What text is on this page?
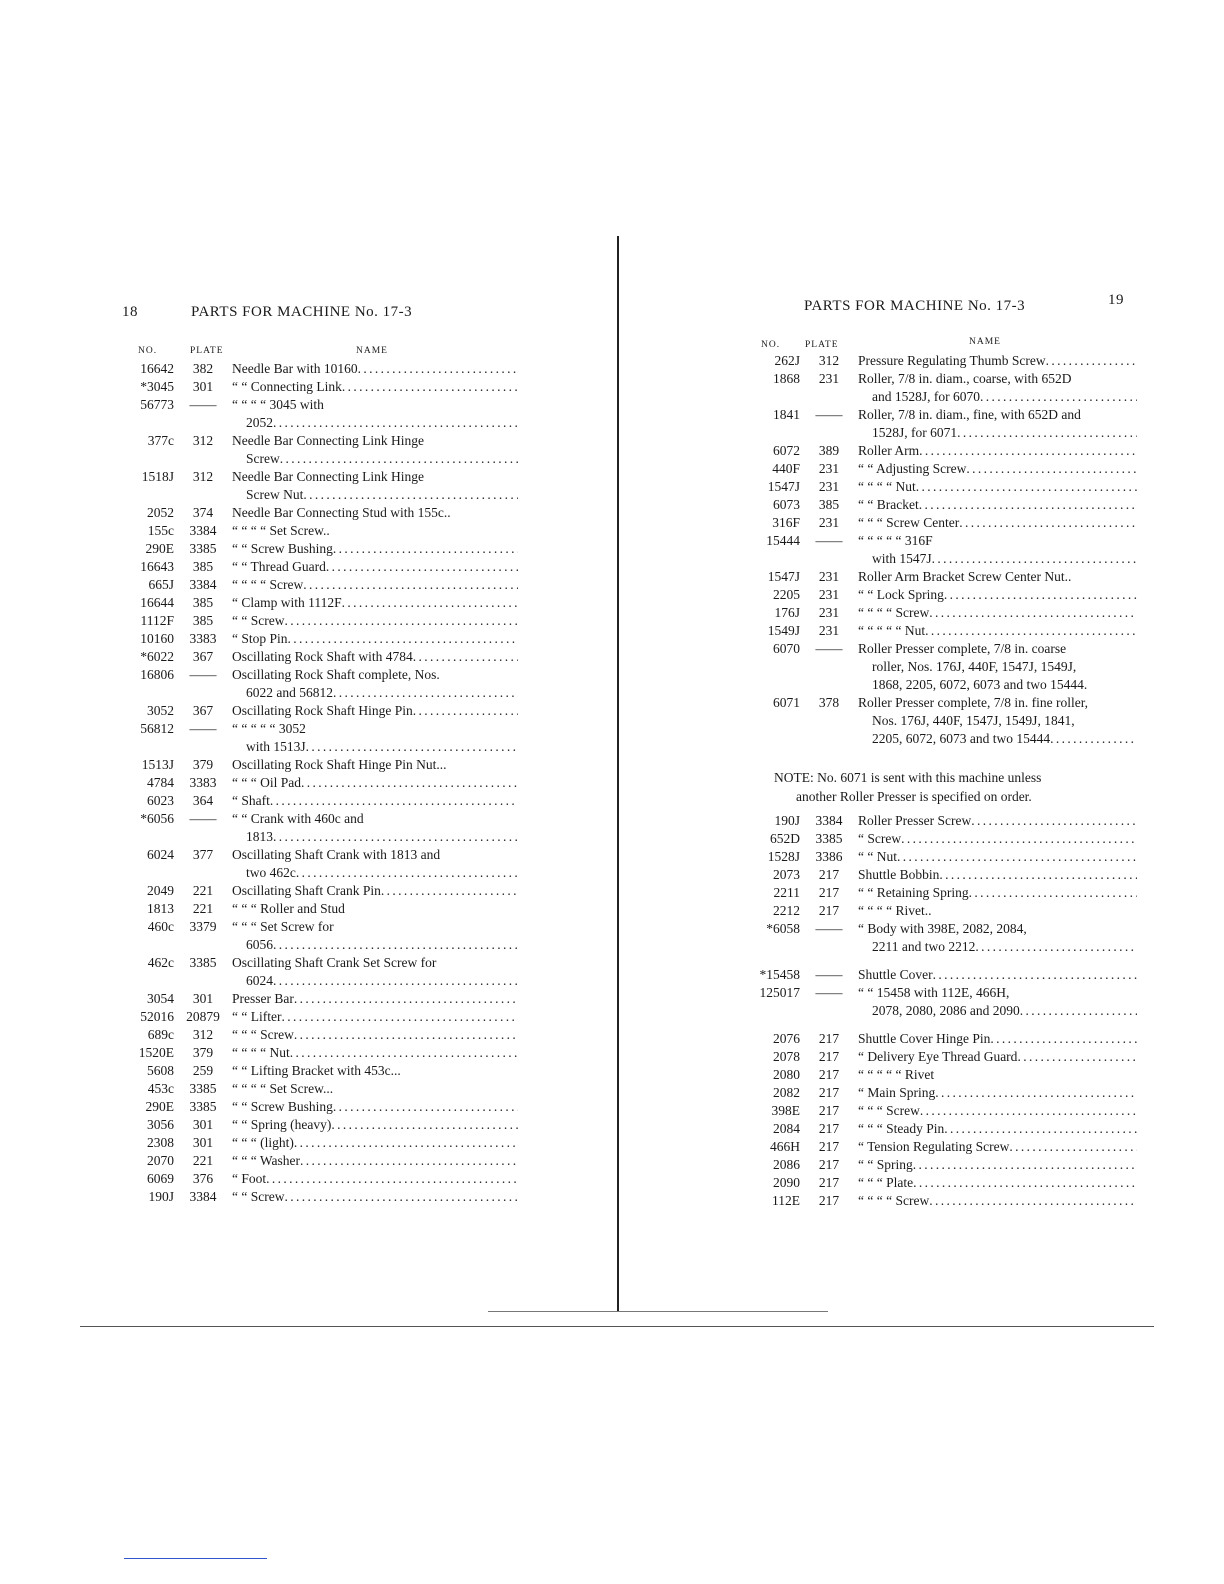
18	PARTS FOR MACHINE No. 17-3
NO.	PLATE	NAME
16642	382	Needle Bar with 10160
. . .
*3045	301	“ “ Connecting Link
. . .
56773	——	“ “ “ “ 3045 with
2052
. . .
377c	312	Needle Bar Connecting Link Hinge
Screw
. . .
1518J	312	Needle Bar Connecting Link Hinge
Screw Nut
. . .
2052	374	Needle Bar Connecting Stud with 155c..
155c	3384	“ “ “ “ Set Screw..
290E	3385	“ “ Screw Bushing
. . .
16643	385	“ “ Thread Guard
. . .
665J	3384	“ “ “ “ Screw
. . .
16644	385	“ Clamp with 1112F
. . .
1112F	385	“ “ Screw
. . .
10160	3383	“ Stop Pin
. . .
*6022	367	Oscillating Rock Shaft with 4784
. . .
16806	——	Oscillating Rock Shaft complete, Nos.
6022 and 56812
. . .
3052	367	Oscillating Rock Shaft Hinge Pin
. . .
56812	——	“ “ “ “ “ 3052
with 1513J
. . .
1513J	379	Oscillating Rock Shaft Hinge Pin Nut...
4784	3383	“ “ “ Oil Pad
. . .
6023	364	“ Shaft
. . .
*6056	——	“ “ Crank with 460c and
1813
. . .
6024	377	Oscillating Shaft Crank with 1813 and
two 462c
. . .
2049	221	Oscillating Shaft Crank Pin
. . .
1813	221	“ “ “ Roller and Stud
460c	3379	“ “ “ Set Screw for
6056
. . .
462c	3385	Oscillating Shaft Crank Set Screw for
6024
. . .
3054	301	Presser Bar
. . .
52016 20879 “ “ Lifter
. . .
689c	312	“ “ “ Screw
. . .
1520E	379	“ “ “ “ Nut
. . .
5608	259	“ “ Lifting Bracket with 453c...
453c	3385	“ “ “ “ Set Screw...
290E	3385	“ “ Screw Bushing
. . .
3056	301	“ “ Spring (heavy)
. . .
2308	301	“ “ “ (light)
. . .
2070	221	“ “ “ Washer
. . .
6069	376	“ Foot
. . .
190J	3384	“ “ Screw
. . .
PARTS FOR MACHINE No. 17-3	19
NO.	PLATE	NAME
262J	312	Pressure Regulating Thumb Screw
. . .
1868	231	Roller, 7/8 in. diam., coarse, with 652D
and 1528J, for 6070
. . .
1841	——	Roller, 7/8 in. diam., fine, with 652D and
1528J, for 6071
. . .
6072	389	Roller Arm
. . .
440F	231	“ “ Adjusting Screw
. . .
1547J	231	“ “ “ “ Nut
. . .
6073	385	“ “ Bracket
. . .
316F	231	“ “ “ Screw Center
. . .
15444	——	“ “ “ “ “ 316F
with 1547J
. . .
1547J	231	Roller Arm Bracket Screw Center Nut..
2205	231	“ “ Lock Spring
. . .
176J	231	“ “ “ “ Screw
. . .
1549J	231	“ “ “ “ “ Nut
. . .
6070	——	Roller Presser complete, 7/8 in. coarse
roller, Nos. 176J, 440F, 1547J, 1549J,
1868, 2205, 6072, 6073 and two 15444.
6071	378	Roller Presser complete, 7/8 in. fine roller,
Nos. 176J, 440F, 1547J, 1549J, 1841,
2205, 6072, 6073 and two 15444
. . .
NOTE: No. 6071 is sent with this machine unless
another Roller Presser is specified on order.
190J	3384	Roller Presser Screw
. . .
652D	3385	“ Screw
. . .
1528J	3386	“ “ Nut
. . .
2073	217	Shuttle Bobbin
. . .
2211	217	“ “ Retaining Spring
. . .
2212	217	“ “ “ “ Rivet..
*6058	——	“ Body with 398E, 2082, 2084,
2211 and two 2212
. . .
*15458	——	Shuttle Cover
. . .
125017	——	“ “ 15458 with 112E, 466H,
2078, 2080, 2086 and 2090
. . .
2076	217	Shuttle Cover Hinge Pin
. . .
2078	217	“ Delivery Eye Thread Guard
. . .
2080	217	“ “ “ “ “ Rivet
2082	217	“ Main Spring
. . .
398E	217	“ “ “ Screw
. . .
2084	217	“ “ “ Steady Pin
. . .
466H	217	“ Tension Regulating Screw
. . .
2086	217	“ “ Spring
. . .
2090	217	“ “ “ Plate
. . .
112E	217	“ “ “ “ Screw
. . .
